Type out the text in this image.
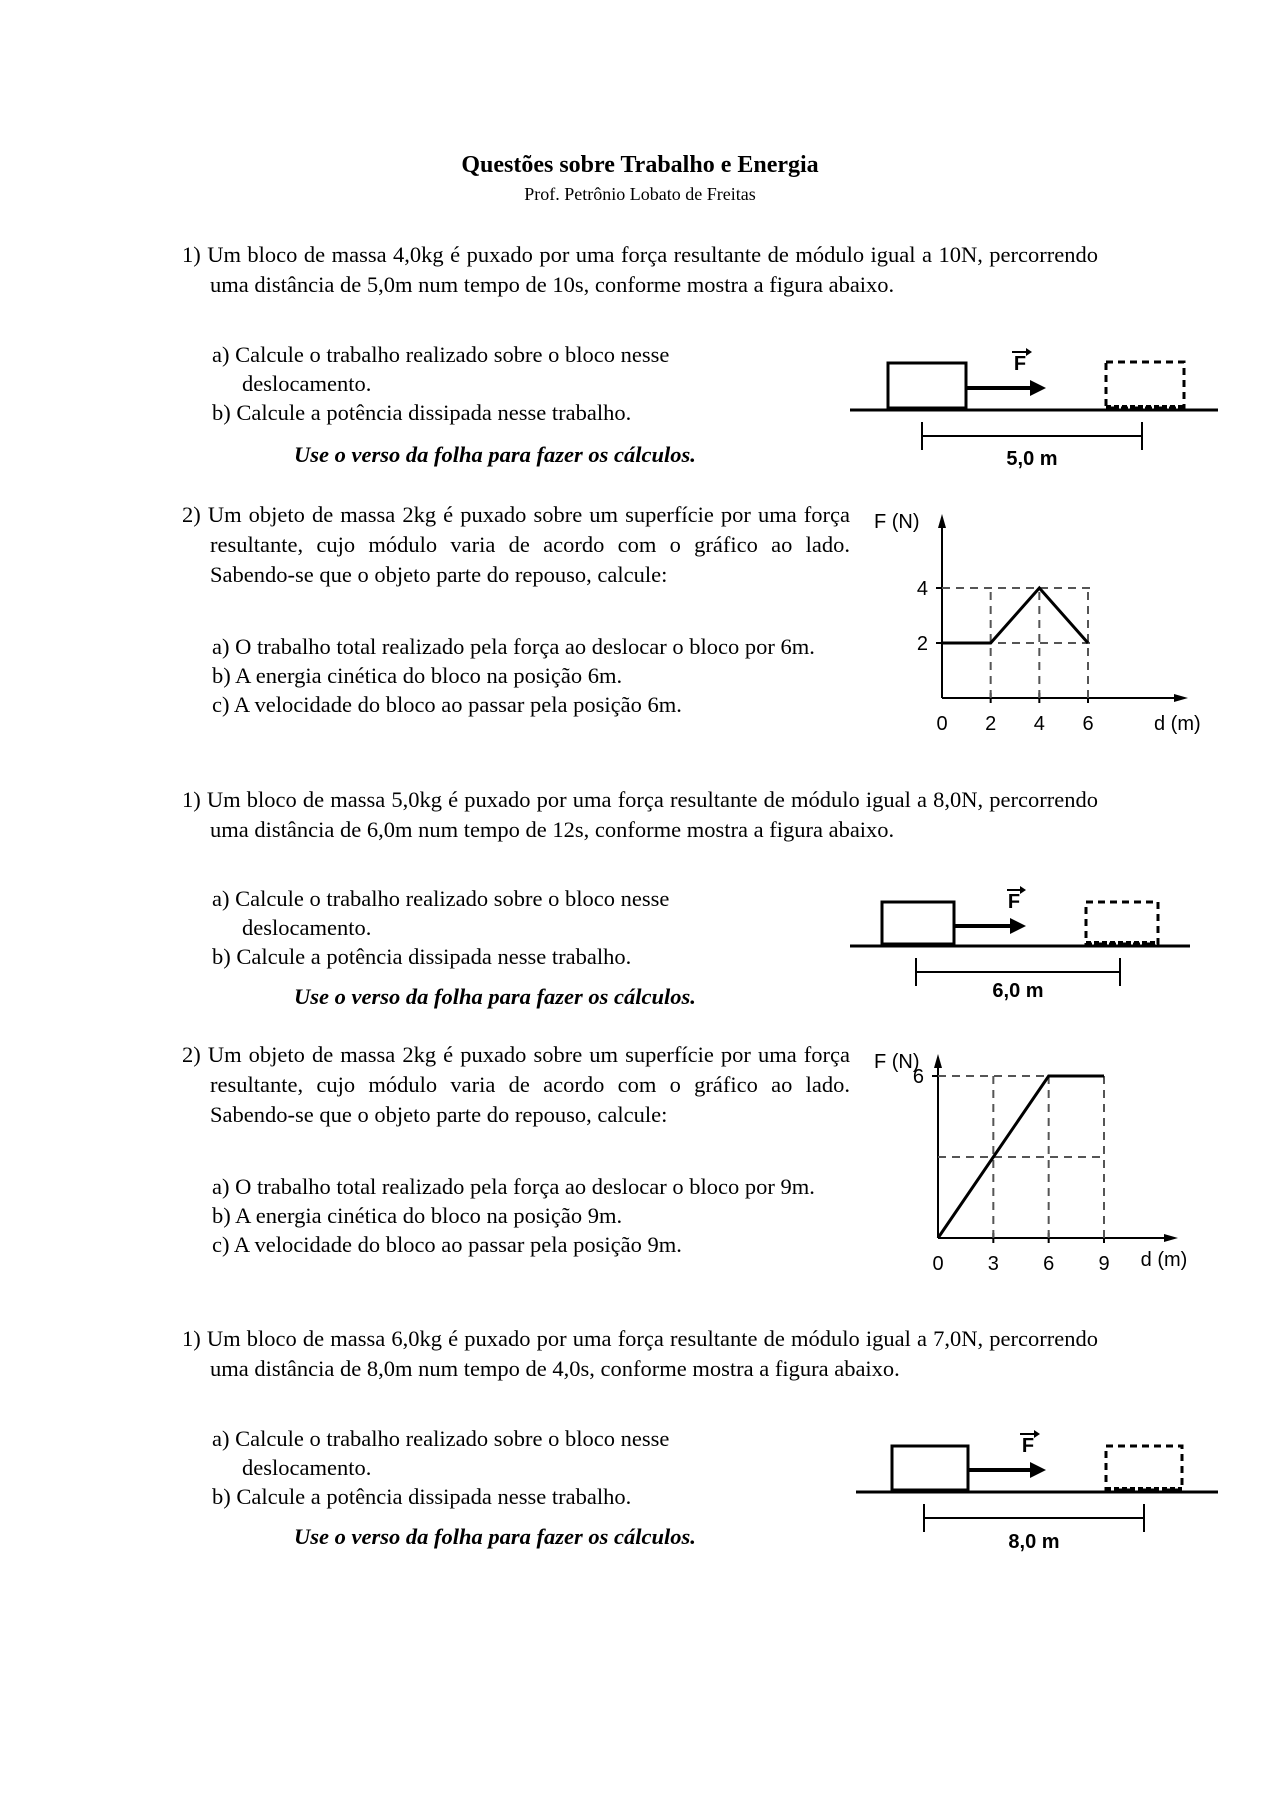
Questões sobre Trabalho e Energia
Prof. Petrônio Lobato de Freitas
1) Um bloco de massa 4,0kg é puxado por uma força resultante de módulo igual a 10N, percorrendo uma distância de 5,0m num tempo de 10s, conforme mostra a figura abaixo.
a) Calcule o trabalho realizado sobre o bloco nesse deslocamento.
b) Calcule a potência dissipada nesse trabalho.
Use o verso da folha para fazer os cálculos.
F
5,0 m
2) Um objeto de massa 2kg é puxado sobre um superfície por uma força resultante, cujo módulo varia de acordo com o gráfico ao lado. Sabendo-se que o objeto parte do repouso, calcule:
a) O trabalho total realizado pela força ao deslocar o bloco por 6m.
b) A energia cinética do bloco na posição 6m.
c) A velocidade do bloco ao passar pela posição 6m.
F (N)
d (m)
0 2 4 6
4
2
1) Um bloco de massa 5,0kg é puxado por uma força resultante de módulo igual a 8,0N, percorrendo uma distância de 6,0m num tempo de 12s, conforme mostra a figura abaixo.
a) Calcule o trabalho realizado sobre o bloco nesse deslocamento.
b) Calcule a potência dissipada nesse trabalho.
Use o verso da folha para fazer os cálculos.
F
6,0 m
2) Um objeto de massa 2kg é puxado sobre um superfície por uma força resultante, cujo módulo varia de acordo com o gráfico ao lado. Sabendo-se que o objeto parte do repouso, calcule:
a) O trabalho total realizado pela força ao deslocar o bloco por 9m.
b) A energia cinética do bloco na posição 9m.
c) A velocidade do bloco ao passar pela posição 9m.
F (N)
d (m)
0 3 6 9
6
1) Um bloco de massa 6,0kg é puxado por uma força resultante de módulo igual a 7,0N, percorrendo uma distância de 8,0m num tempo de 4,0s, conforme mostra a figura abaixo.
a) Calcule o trabalho realizado sobre o bloco nesse deslocamento.
b) Calcule a potência dissipada nesse trabalho.
Use o verso da folha para fazer os cálculos.
F
8,0 m
